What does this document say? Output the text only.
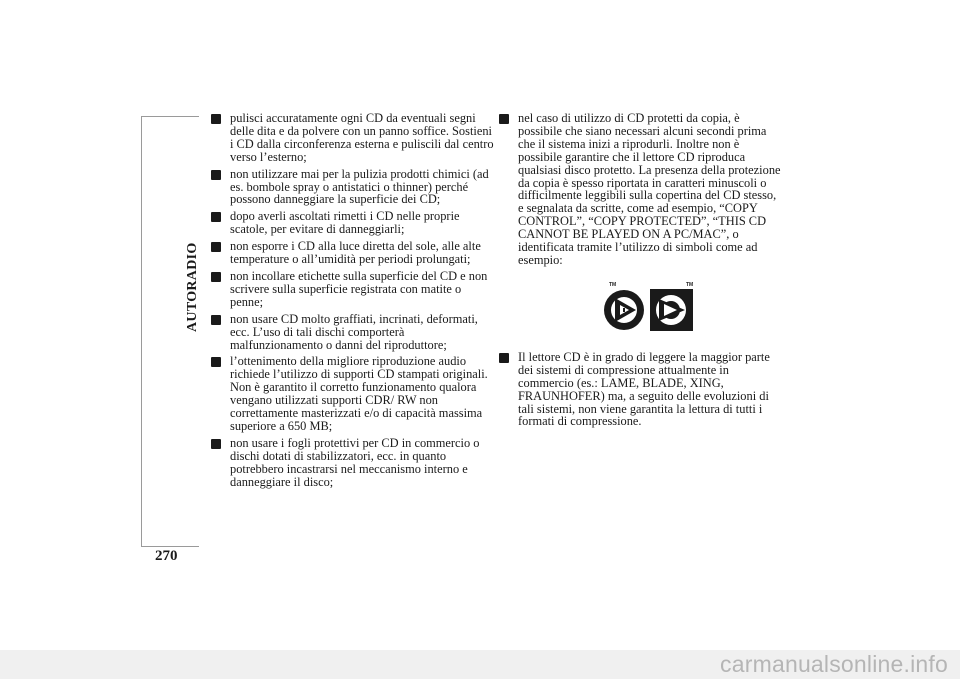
AUTORADIO
270
pulisci accuratamente ogni CD da eventuali segni delle dita e da polvere con un panno soffice. Sostieni i CD dalla circonferenza esterna e puliscili dal centro verso l’esterno;
non utilizzare mai per la pulizia prodotti chimici (ad es. bombole spray o antistatici o thinner) perché possono danneggiare la superficie dei CD;
dopo averli ascoltati rimetti i CD nelle proprie scatole, per evitare di danneggiarli;
non esporre i CD alla luce diretta del sole, alle alte temperature o all’umidità per periodi prolungati;
non incollare etichette sulla superficie del CD e non scrivere sulla superficie registrata con matite o penne;
non usare CD molto graffiati, incrinati, deformati, ecc. L’uso di tali dischi comporterà malfunzionamento o danni del riproduttore;
l’ottenimento della migliore riproduzione audio richiede l’utilizzo di supporti CD stampati originali. Non è garantito il corretto funzionamento qualora vengano utilizzati supporti CDR/ RW non correttamente masterizzati e/o di capacità massima superiore a 650 MB;
non usare i fogli protettivi per CD in commercio o dischi dotati di stabilizzatori, ecc. in quanto potrebbero incastrarsi nel meccanismo interno e danneggiare il disco;
nel caso di utilizzo di CD protetti da copia, è possibile che siano necessari alcuni secondi prima che il sistema inizi a riprodurli. Inoltre non è possibile garantire che il lettore CD riproduca qualsiasi disco protetto. La presenza della protezione da copia è spesso riportata in caratteri minuscoli o difficilmente leggibili sulla copertina del CD stesso, e segnalata da scritte, come ad esempio, “COPY CONTROL”, “COPY PROTECTED”, “THIS CD CANNOT BE PLAYED ON A PC/MAC”, o identificata tramite l’utilizzo di simboli come ad esempio:
TM	TM
Il lettore CD è in grado di leggere la maggior parte dei sistemi di compressione attualmente in commercio (es.: LAME, BLADE, XING, FRAUNHOFER) ma, a seguito delle evoluzioni di tali sistemi, non viene garantita la lettura di tutti i formati di compressione.
carmanualsonline.info
